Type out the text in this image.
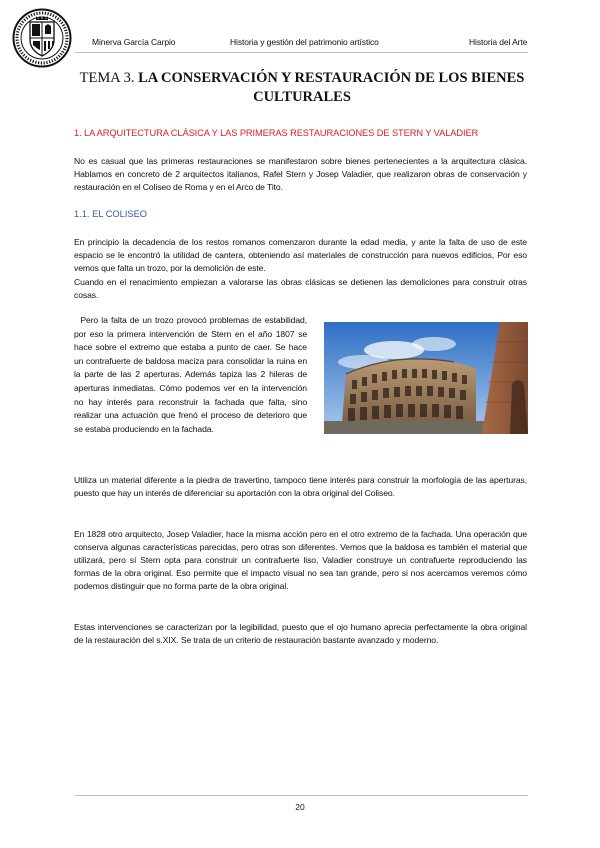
Minerva García Carpio	Historia y gestión del patrimonio artístico	Historia del Arte
TEMA 3. LA CONSERVACIÓN Y RESTAURACIÓN DE LOS BIENES CULTURALES
1. LA ARQUITECTURA CLÁSICA Y LAS PRIMERAS RESTAURACIONES DE STERN Y VALADIER
No es casual que las primeras restauraciones se manifestaron sobre bienes pertenecientes a la arquitectura clásica. Hablamos en concreto de 2 arquitectos italianos, Rafel Stern y Josep Valadier, que realizaron obras de conservación y restauración en el Coliseo de Roma y en el Arco de Tito.
1.1. EL COLISEO
En principio la decadencia de los restos romanos comenzaron durante la edad media, y ante la falta de uso de este espacio se le encontró la utilidad de cantera, obteniendo así materiales de construcción para nuevos edificios, Por eso vemos que falta un trozo, por la demolición de este.
Cuando en el renacimiento empiezan a valorarse las obras clásicas se detienen las demoliciones para construir otras cosas.
Pero la falta de un trozo provocó problemas de estabilidad, por eso la primera intervención de Stern en el año 1807 se hace sobre el extremo que estaba a punto de caer. Se hace un contrafuerte de baldosa maciza para consolidar la ruina en la parte de las 2 aperturas. Además tapiza las 2 hileras de aperturas inmediatas. Cómo podemos ver en la intervención no hay interés para reconstruir la fachada que falta, sino realizar una actuación que frenó el proceso de deterioro que se estaba produciendo en la fachada.
Utiliza un material diferente a la piedra de travertino, tampoco tiene interés para construir la morfología de las aperturas, puesto que hay un interés de diferenciar su aportación con la obra original del Coliseo.
En 1828 otro arquitecto, Josep Valadier, hace la misma acción pero en el otro extremo de la fachada. Una operación que conserva algunas características parecidas, pero otras son diferentes. Vemos que la baldosa es también el material que utilizará, pero sí Stern opta para construir un contrafuerte liso, Valadier construye un contrafuerte reproduciendo las formas de la obra original. Eso permite que el impacto visual no sea tan grande, pero si nos acercamos veremos cómo podemos distinguir que no forma parte de la obra original.
Estas intervenciones se caracterizan por la legibilidad, puesto que el ojo humano aprecia perfectamente la obra original de la restauración del s.XIX. Se trata de un criterio de restauración bastante avanzado y moderno.
20
